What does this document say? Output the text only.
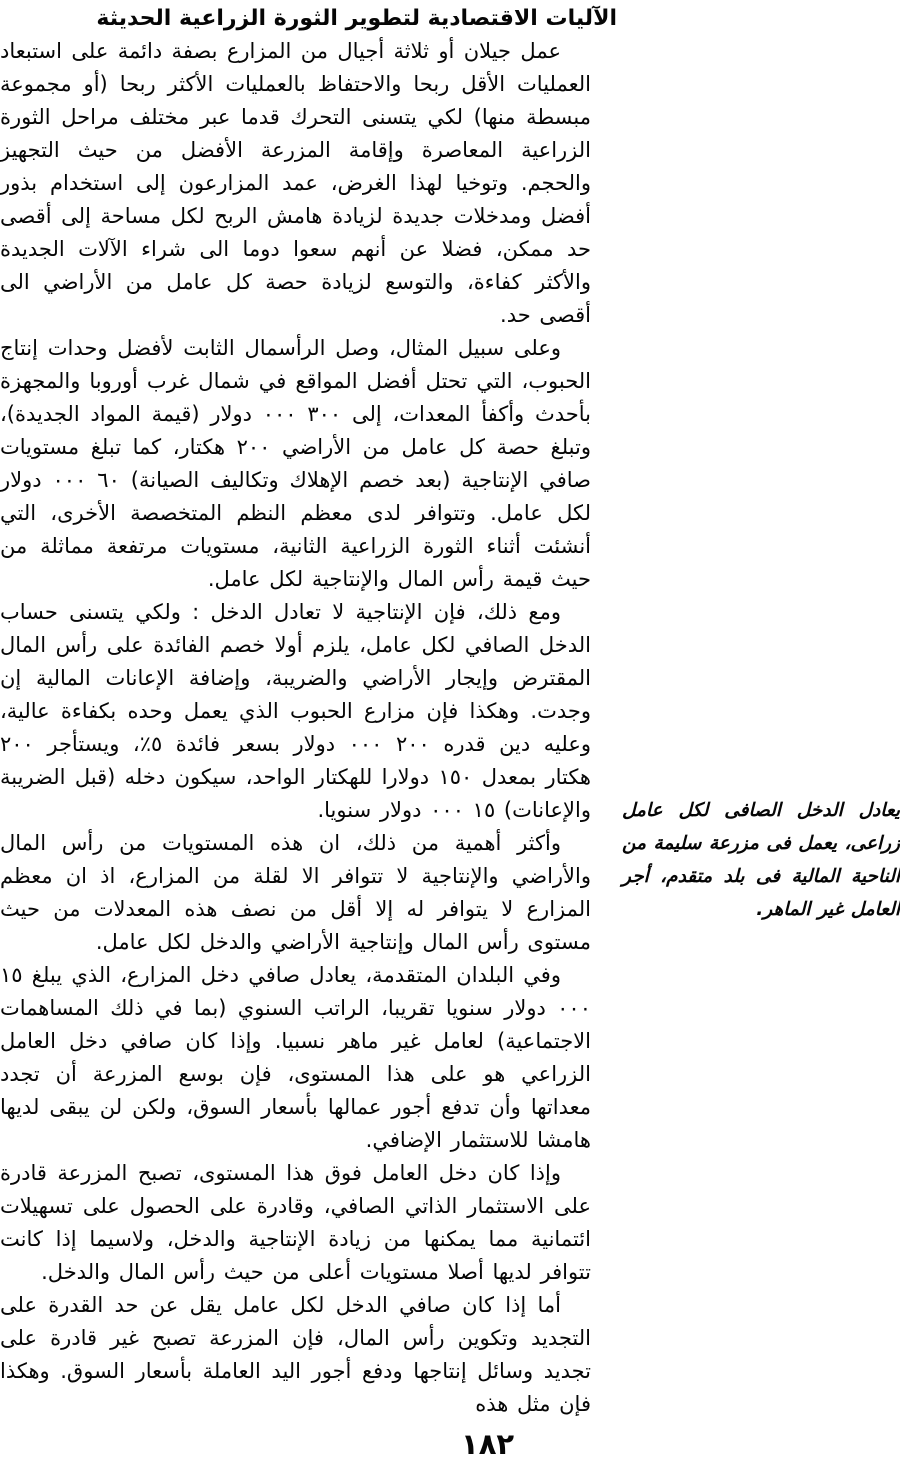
الآليات الاقتصادية لتطوير الثورة الزراعية الحديثة

عمل جيلان أو ثلاثة أجيال من المزارع بصفة دائمة على استبعاد العمليات الأقل ربحا والاحتفاظ بالعمليات الأكثر ربحا (أو مجموعة مبسطة منها) لكي يتسنى التحرك قدما عبر مختلف مراحل الثورة الزراعية المعاصرة وإقامة المزرعة الأفضل من حيث التجهيز والحجم. وتوخيا لهذا الغرض، عمد المزارعون إلى استخدام بذور أفضل ومدخلات جديدة لزيادة هامش الربح لكل مساحة إلى أقصى حد ممكن، فضلا عن أنهم سعوا دوما الى شراء الآلات الجديدة والأكثر كفاءة، والتوسع لزيادة حصة كل عامل من الأراضي الى أقصى حد.

وعلى سبيل المثال، وصل الرأسمال الثابت لأفضل وحدات إنتاج الحبوب، التي تحتل أفضل المواقع في شمال غرب أوروبا والمجهزة بأحدث وأكفأ المعدات، إلى ٣٠٠ ٠٠٠ دولار (قيمة المواد الجديدة)، وتبلغ حصة كل عامل من الأراضي ٢٠٠ هكتار، كما تبلغ مستويات صافي الإنتاجية (بعد خصم الإهلاك وتكاليف الصيانة) ٦٠ ٠٠٠ دولار لكل عامل. وتتوافر لدى معظم النظم المتخصصة الأخرى، التي أنشئت أثناء الثورة الزراعية الثانية، مستويات مرتفعة مماثلة من حيث قيمة رأس المال والإنتاجية لكل عامل.

ومع ذلك، فإن الإنتاجية لا تعادل الدخل : ولكي يتسنى حساب الدخل الصافي لكل عامل، يلزم أولا خصم الفائدة على رأس المال المقترض وإيجار الأراضي والضريبة، وإضافة الإعانات المالية إن وجدت. وهكذا فإن مزارع الحبوب الذي يعمل وحده بكفاءة عالية، وعليه دين قدره ٢٠٠ ٠٠٠ دولار بسعر فائدة ٥٪، ويستأجر ٢٠٠ هكتار بمعدل ١٥٠ دولارا للهكتار الواحد، سيكون دخله (قبل الضريبة والإعانات) ١٥ ٠٠٠ دولار سنويا.

وأكثر أهمية من ذلك، ان هذه المستويات من رأس المال والأراضي والإنتاجية لا تتوافر الا لقلة من المزارع، اذ ان معظم المزارع لا يتوافر له إلا أقل من نصف هذه المعدلات من حيث مستوى رأس المال وإنتاجية الأراضي والدخل لكل عامل.

وفي البلدان المتقدمة، يعادل صافي دخل المزارع، الذي يبلغ ١٥ ٠٠٠ دولار سنويا تقريبا، الراتب السنوي (بما في ذلك المساهمات الاجتماعية) لعامل غير ماهر نسبيا. وإذا كان صافي دخل العامل الزراعي هو على هذا المستوى، فإن بوسع المزرعة أن تجدد معداتها وأن تدفع أجور عمالها بأسعار السوق، ولكن لن يبقى لديها هامشا للاستثمار الإضافي.

وإذا كان دخل العامل فوق هذا المستوى، تصبح المزرعة قادرة على الاستثمار الذاتي الصافي، وقادرة على الحصول على تسهيلات ائتمانية مما يمكنها من زيادة الإنتاجية والدخل، ولاسيما إذا كانت تتوافر لديها أصلا مستويات أعلى من حيث رأس المال والدخل.

أما إذا كان صافي الدخل لكل عامل يقل عن حد القدرة على التجديد وتكوين رأس المال، فإن المزرعة تصبح غير قادرة على تجديد وسائل إنتاجها ودفع أجور اليد العاملة بأسعار السوق. وهكذا فإن مثل هذه

١٨٢
يعادل الدخل الصافى لكل عامل زراعى، يعمل فى مزرعة سليمة من الناحية المالية فى بلد متقدم، أجر العامل غير الماهر.
